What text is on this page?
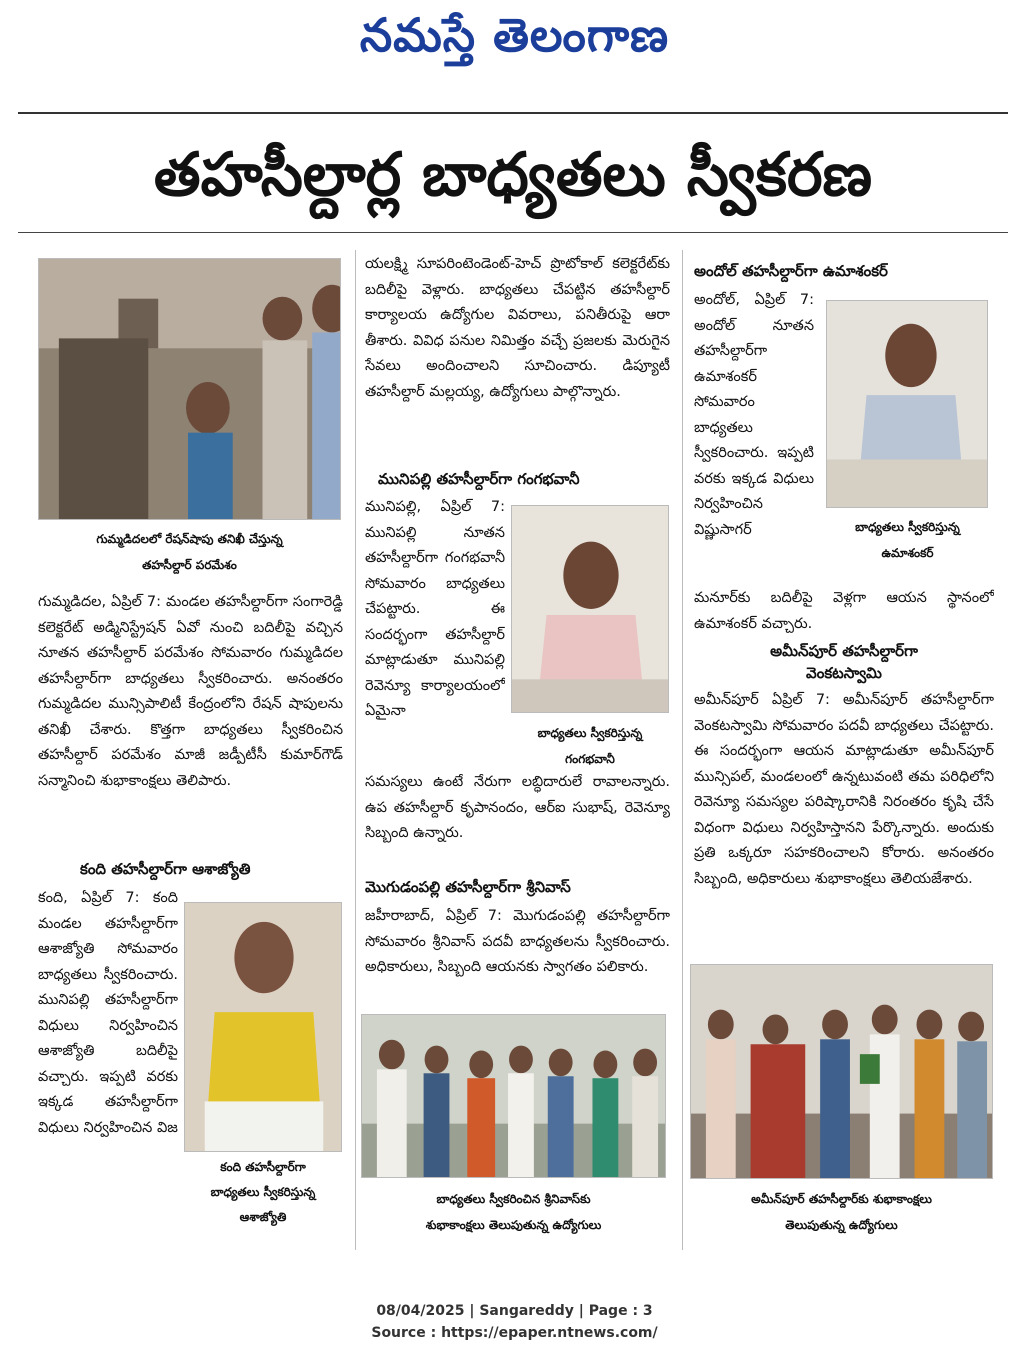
నమస్తే తెలంగాణ
తహసీల్దార్ల బాధ్యతలు స్వీకరణ
గుమ్మడిదలలో రేషన్‌షాపు తనిఖీ చేస్తున్న
తహసీల్దార్ పరమేశం
గుమ్మడిదల, ఏప్రిల్ 7: మండల తహసీల్దార్‌గా సంగారెడ్డి కలెక్టరేట్ అడ్మినిస్ట్రేషన్ ఏవో నుంచి బదిలీపై వచ్చిన నూతన తహసీల్దార్ పరమేశం సోమవారం గుమ్మడిదల తహసీల్దార్‌గా బాధ్యతలు స్వీకరించారు. అనంతరం గుమ్మడిదల మున్సిపాలిటీ కేంద్రంలోని రేషన్ షాపులను తనిఖీ చేశారు. కొత్తగా బాధ్యతలు స్వీకరించిన తహసీల్దార్ పరమేశం మాజీ జడ్పీటీసీ కుమార్‌గౌడ్ సన్మానించి శుభాకాంక్షలు తెలిపారు.
కంది తహసీల్దార్‌గా ఆశాజ్యోతి
కంది, ఏప్రిల్ 7: కంది మండల తహసీల్దార్‌గా ఆశాజ్యోతి సోమవారం బాధ్యతలు స్వీకరించారు. మునిపల్లి తహసీల్దార్‌గా విధులు నిర్వహించిన ఆశాజ్యోతి బదిలీపై వచ్చారు. ఇప్పటి వరకు ఇక్కడ తహసీల్దార్‌గా విధులు నిర్వహించిన విజ
కంది తహసీల్దార్‌గా
బాధ్యతలు స్వీకరిస్తున్న
ఆశాజ్యోతి
యలక్ష్మి సూపరింటెండెంట్-హెచ్ ప్రొటోకాల్ కలెక్టరేట్‌కు బదిలీపై వెళ్లారు. బాధ్యతలు చేపట్టిన తహసీల్దార్ కార్యాలయ ఉద్యోగుల వివరాలు, పనితీరుపై ఆరా తీశారు. వివిధ పనుల నిమిత్తం వచ్చే ప్రజలకు మెరుగైన సేవలు అందించాలని సూచించారు. డిప్యూటీ తహసీల్దార్ మల్లయ్య, ఉద్యోగులు పాల్గొన్నారు.
మునిపల్లి తహసీల్దార్‌గా గంగభవానీ
మునిపల్లి, ఏప్రిల్ 7: మునిపల్లి నూతన తహసీల్దార్‌గా గంగభవానీ సోమవారం బాధ్యతలు చేపట్టారు. ఈ సందర్భంగా తహసీల్దార్ మాట్లాడుతూ మునిపల్లి రెవెన్యూ కార్యాలయంలో ఏమైనా
బాధ్యతలు స్వీకరిస్తున్న
గంగభవానీ
సమస్యలు ఉంటే నేరుగా లబ్ధిదారులే రావాలన్నారు. ఉప తహసీల్దార్ కృపానందం, ఆర్ఐ సుభాష్, రెవెన్యూ సిబ్బంది ఉన్నారు.
మొగుడంపల్లి తహసీల్దార్‌గా శ్రీనివాస్
జహీరాబాద్, ఏప్రిల్ 7: మొగుడంపల్లి తహసీల్దార్‌గా సోమవారం శ్రీనివాస్ పదవీ బాధ్యతలను స్వీకరించారు. అధికారులు, సిబ్బంది ఆయనకు స్వాగతం పలికారు.
బాధ్యతలు స్వీకరించిన శ్రీనివాస్‌కు
శుభాకాంక్షలు తెలుపుతున్న ఉద్యోగులు
అందోల్ తహసీల్దార్‌గా ఉమాశంకర్
అందోల్, ఏప్రిల్ 7: అందోల్ నూతన తహసీల్దార్‌గా ఉమాశంకర్ సోమవారం బాధ్యతలు స్వీకరించారు. ఇప్పటి వరకు ఇక్కడ విధులు నిర్వహించిన విష్ణుసాగర్	బాధ్యతలు స్వీకరిస్తున్న
ఉమాశంకర్
మనూర్‌కు బదిలీపై వెళ్లగా ఆయన స్థానంలో ఉమాశంకర్ వచ్చారు.
అమీన్‌పూర్ తహసీల్దార్‌గా
వెంకటస్వామి
అమీన్‌పూర్ ఏప్రిల్ 7: అమీన్‌పూర్ తహసీల్దార్‌గా వెంకటస్వామి సోమవారం పదవీ బాధ్యతలు చేపట్టారు. ఈ సందర్భంగా ఆయన మాట్లాడుతూ అమీన్‌పూర్ మున్సిపల్, మండలంలో ఉన్నటువంటి తమ పరిధిలోని రెవెన్యూ సమస్యల పరిష్కారానికి నిరంతరం కృషి చేసే విధంగా విధులు నిర్వహిస్తానని పేర్కొన్నారు. అందుకు ప్రతి ఒక్కరూ సహకరించాలని కోరారు. అనంతరం సిబ్బంది, అధికారులు శుభాకాంక్షలు తెలియజేశారు.
అమీన్‌పూర్ తహసీల్దార్‌కు శుభాకాంక్షలు
తెలుపుతున్న ఉద్యోగులు
08/04/2025 | Sangareddy | Page : 3
Source : https://epaper.ntnews.com/
